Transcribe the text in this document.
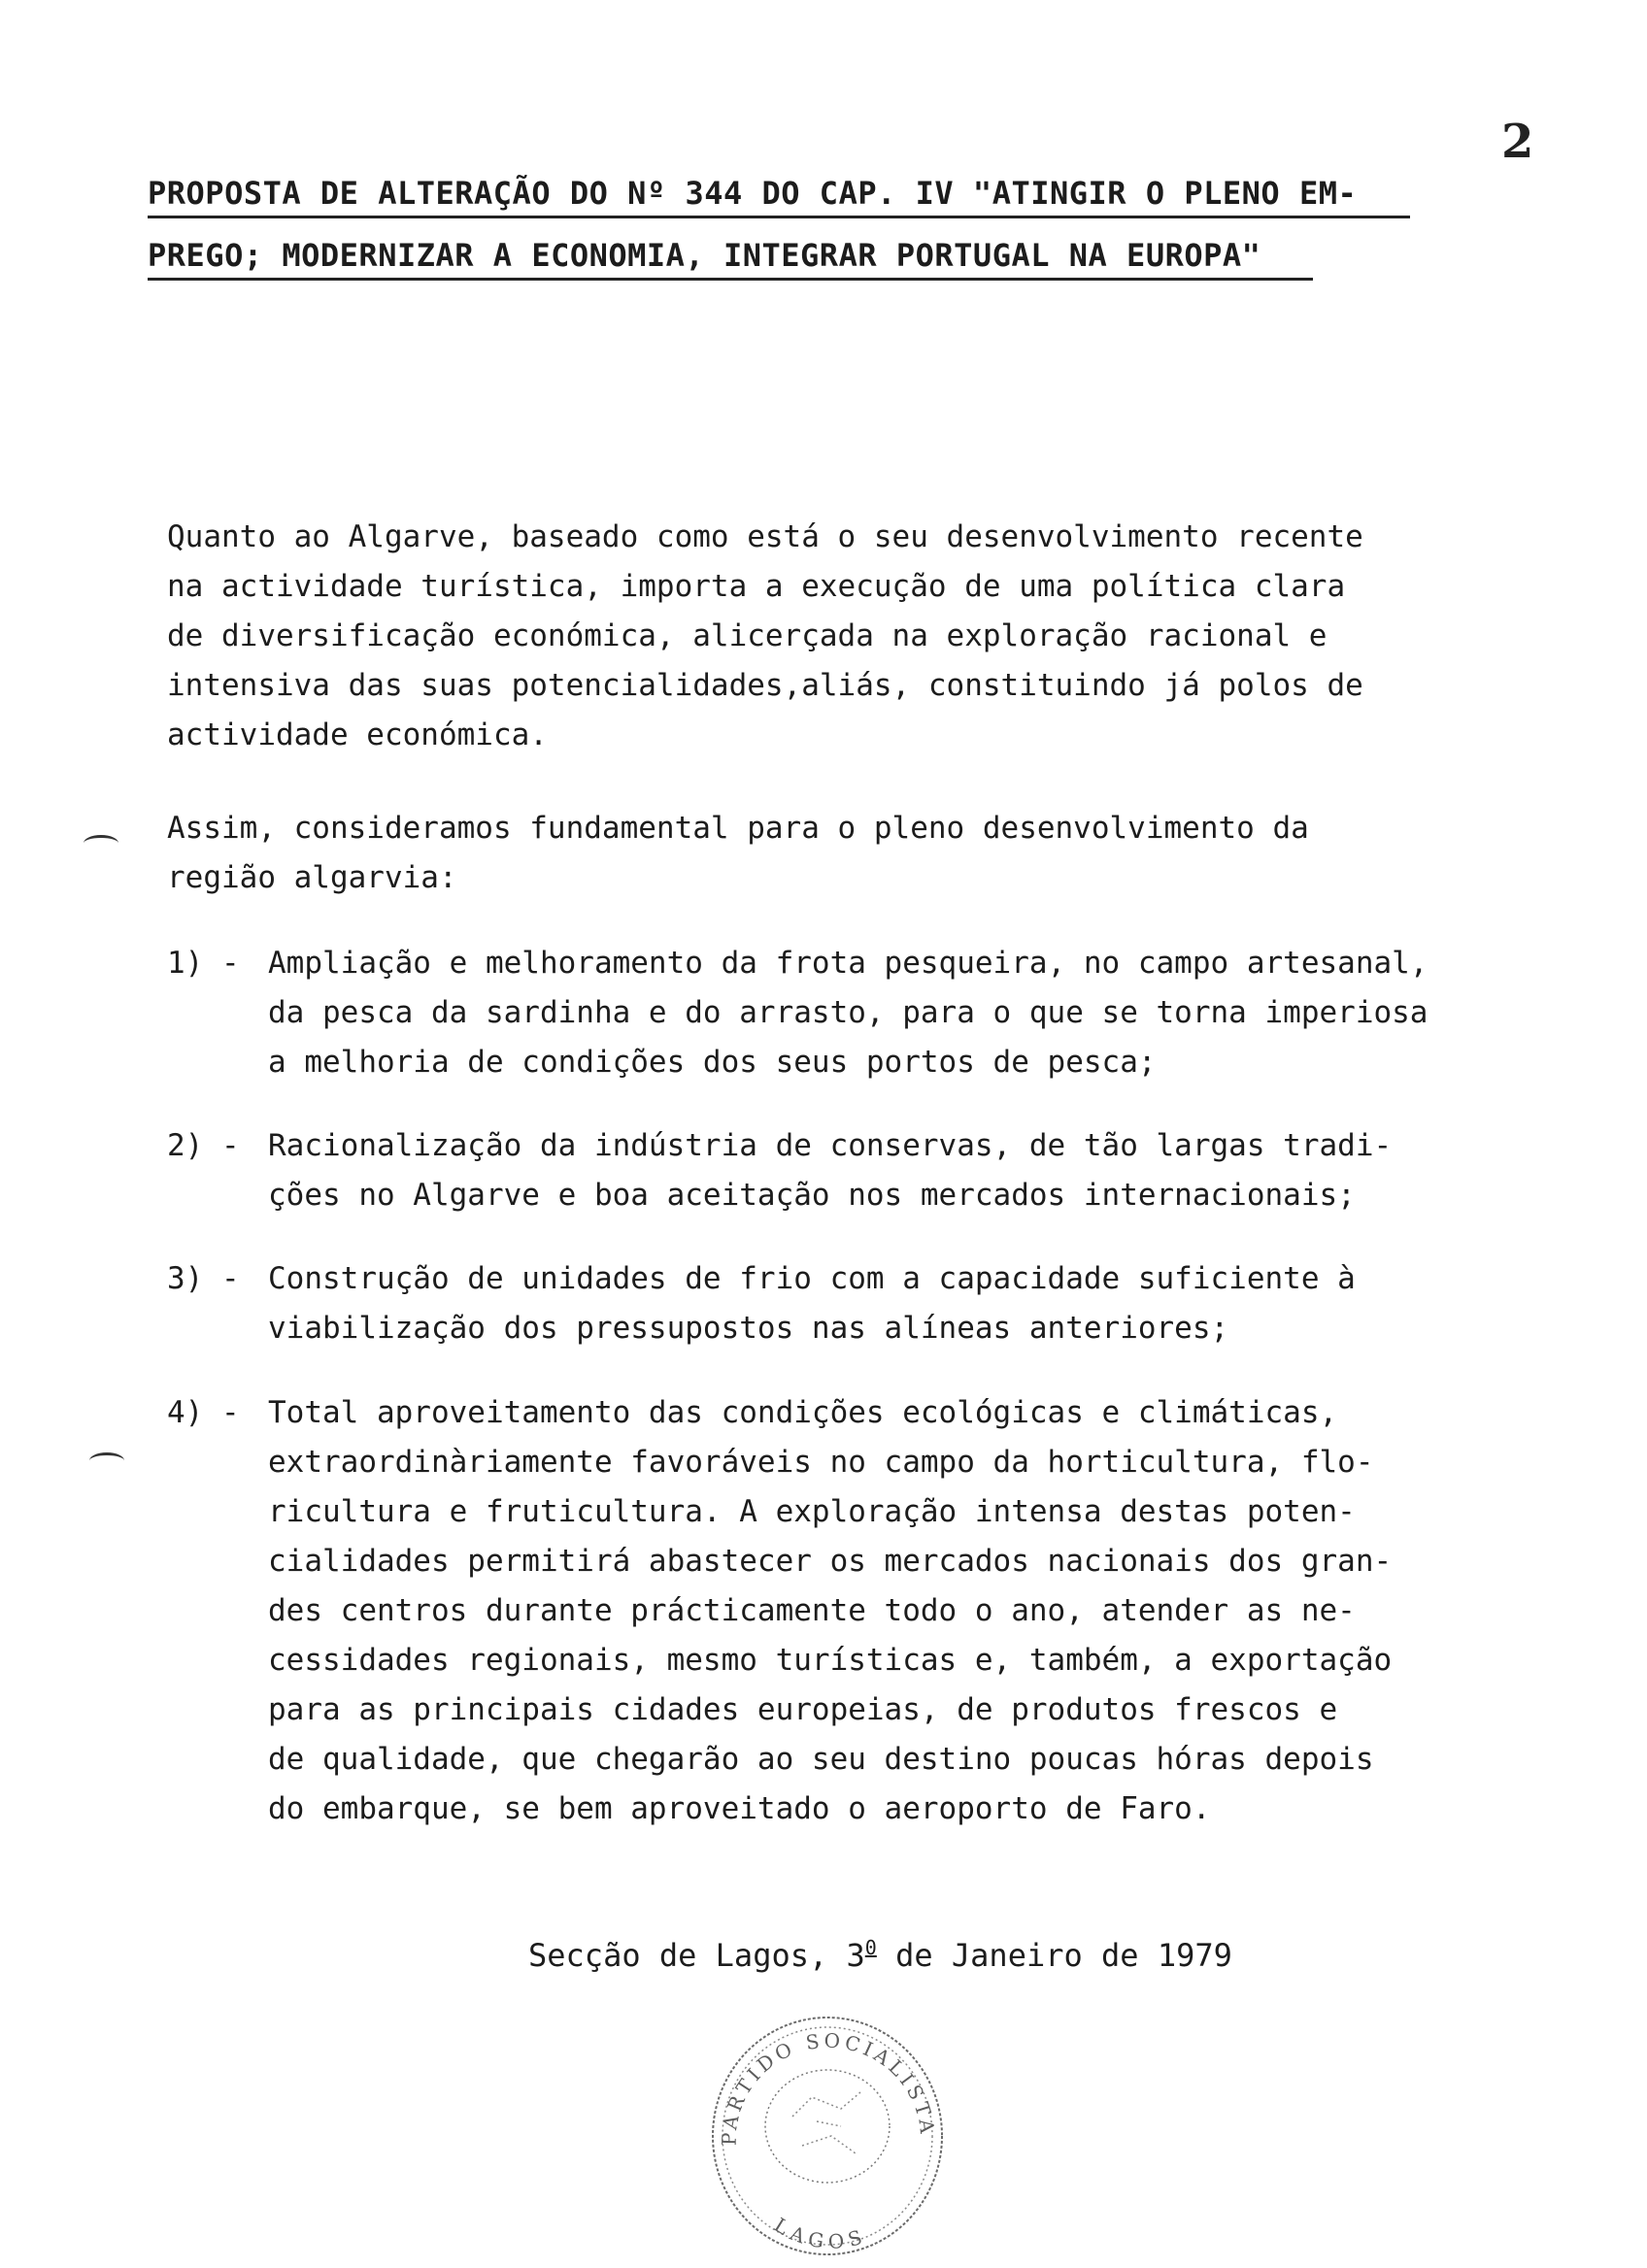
2
PROPOSTA DE ALTERAÇÃO DO Nº 344 DO CAP. IV "ATINGIR O PLENO EM-
PREGO; MODERNIZAR A ECONOMIA, INTEGRAR PORTUGAL NA EUROPA"

Quanto ao Algarve, baseado como está o seu desenvolvimento recente
na actividade turística, importa a execução de uma política clara
de diversificação económica, alicerçada na exploração racional e
intensiva das suas potencialidades,aliás, constituindo já polos de
actividade económica.

Assim, consideramos fundamental para o pleno desenvolvimento da
região algarvia:

1) - Ampliação e melhoramento da frota pesqueira, no campo artesanal,
da pesca da sardinha e do arrasto, para o que se torna imperiosa
a melhoria de condições dos seus portos de pesca;

2) - Racionalização da indústria de conservas, de tão largas tradi-
ções no Algarve e boa aceitação nos mercados internacionais;

3) - Construção de unidades de frio com a capacidade suficiente à
viabilização dos pressupostos nas alíneas anteriores;

4) - Total aproveitamento das condições ecológicas e climáticas,
extraordinàriamente favoráveis no campo da horticultura, flo-
ricultura e fruticultura. A exploração intensa destas poten-
cialidades permitirá abastecer os mercados nacionais dos gran-
des centros durante prácticamente todo o ano, atender as ne-
cessidades regionais, mesmo turísticas e, também, a exportação
para as principais cidades europeias, de produtos frescos e
de qualidade, que chegarão ao seu destino poucas hóras depois
do embarque, se bem aproveitado o aeroporto de Faro.

Secção de Lagos, $3^0$ de Janeiro de 1979
PARTIDO SOCIALISTA
LAGOS
